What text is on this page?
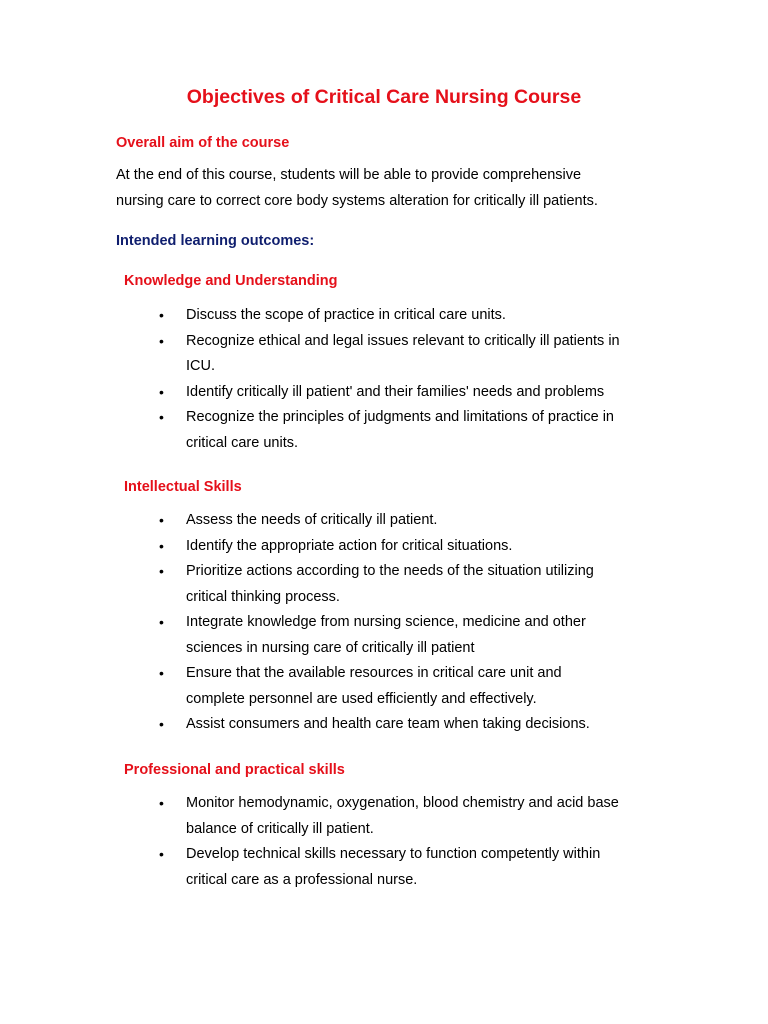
Objectives of Critical Care Nursing Course
Overall aim of the course

At the end of this course, students will be able to provide comprehensive
nursing care to correct core body systems alteration for critically ill patients.

Intended learning outcomes:
Knowledge and Understanding
• Discuss the scope of practice in critical care units.
• Recognize ethical and legal issues relevant to critically ill patients in
ICU.
• Identify critically ill patient' and their families' needs and problems
• Recognize the principles of judgments and limitations of practice in
critical care units.
Intellectual Skills
• Assess the needs of critically ill patient.
• Identify the appropriate action for critical situations.
• Prioritize actions according to the needs of the situation utilizing
critical thinking process.
• Integrate knowledge from nursing science, medicine and other
sciences in nursing care of critically ill patient
• Ensure that the available resources in critical care unit and
complete personnel are used efficiently and effectively.
• Assist consumers and health care team when taking decisions.
Professional and practical skills
• Monitor hemodynamic, oxygenation, blood chemistry and acid base
balance of critically ill patient.
• Develop technical skills necessary to function competently within
critical care as a professional nurse.
